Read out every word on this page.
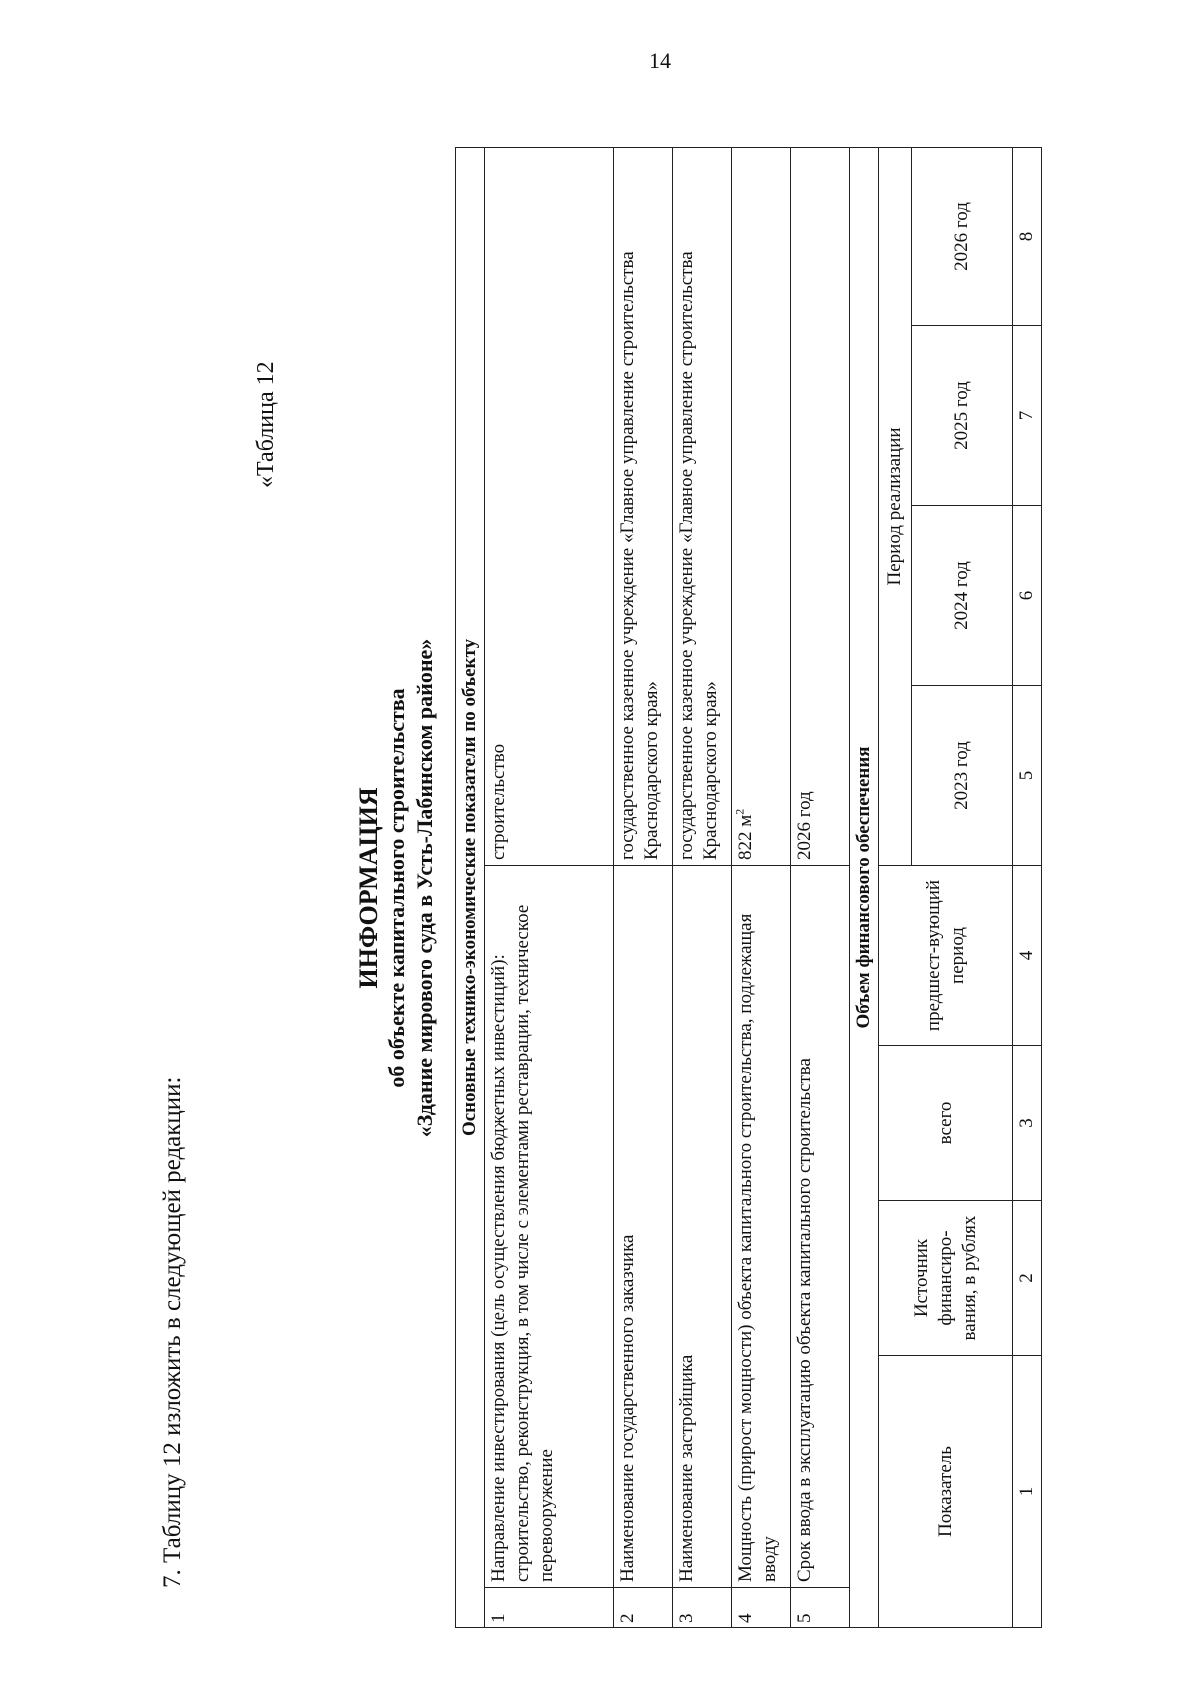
14
7. Таблицу 12 изложить в следующей редакции:
«Таблица 12
ИНФОРМАЦИЯ об объекте капитального строительства «Здание мирового суда в Усть-Лабинском районе» Основные технико-экономические показатели по объекту								
1	Направление инвестирования (цель осуществления бюджетных инвестиций): строительство, реконструкция, в том числе с элементами реставрации, техническое перевооружение				строительство			
2	Наименование государственного заказчика				государственное казенное учреждение «Главное управление строительства Краснодарского края»			
3	Наименование застройщика				государственное казенное учреждение «Главное управление строительства Краснодарского края»			
4	Мощность (прирост мощности) объекта капитального строительства, подлежащая вводу				822 $м^2$
5	Срок ввода в эксплуатацию объекта капитального строительства				2026 год			
Объем финансового обеспечения								
Показатель		Источник финансиро-вания, в рублях	всего	предшест-вующий период	Период реализации			
					2023 год	2024 год	2025 год	2026 год
1		2	3	4	5	6	7	8
